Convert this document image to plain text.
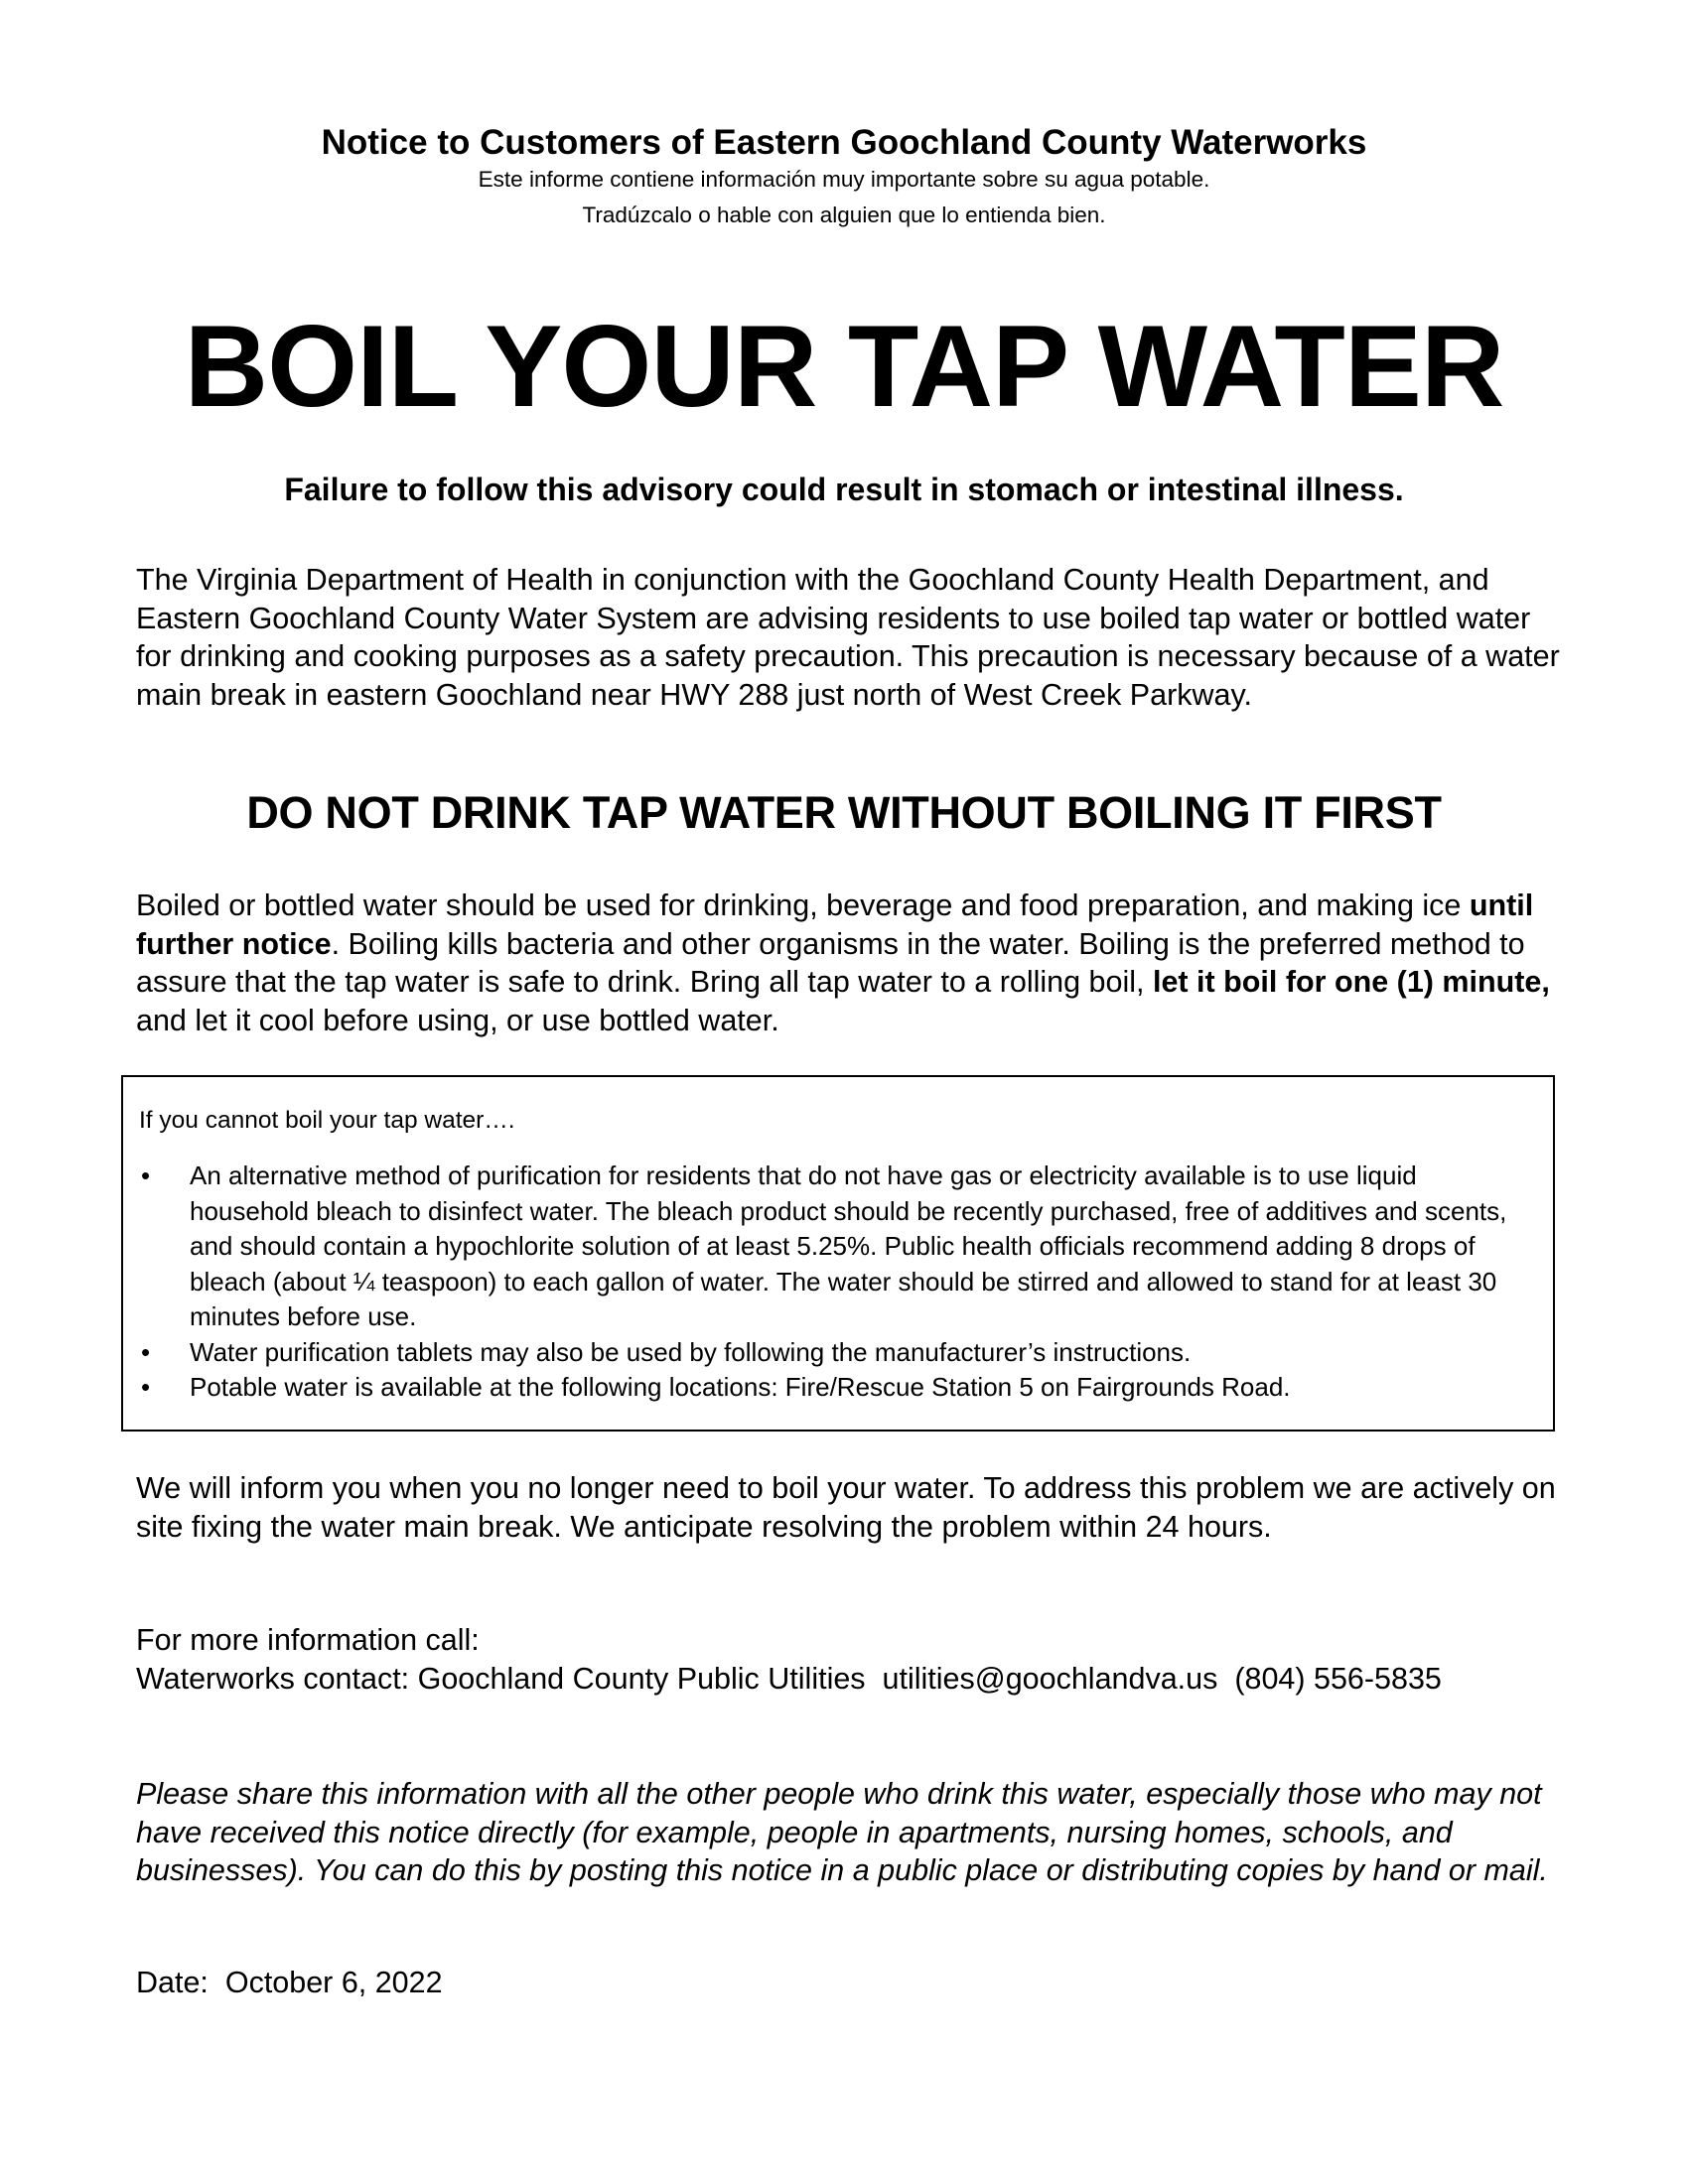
Notice to Customers of Eastern Goochland County Waterworks
Este informe contiene información muy importante sobre su agua potable.
Tradúzcalo o hable con alguien que lo entienda bien.
BOIL YOUR TAP WATER
Failure to follow this advisory could result in stomach or intestinal illness.
The Virginia Department of Health in conjunction with the Goochland County Health Department, and Eastern Goochland County Water System are advising residents to use boiled tap water or bottled water for drinking and cooking purposes as a safety precaution. This precaution is necessary because of a water main break in eastern Goochland near HWY 288 just north of West Creek Parkway.
DO NOT DRINK TAP WATER WITHOUT BOILING IT FIRST
Boiled or bottled water should be used for drinking, beverage and food preparation, and making ice until further notice. Boiling kills bacteria and other organisms in the water. Boiling is the preferred method to assure that the tap water is safe to drink. Bring all tap water to a rolling boil, let it boil for one (1) minute, and let it cool before using, or use bottled water.
If you cannot boil your tap water….
• An alternative method of purification for residents that do not have gas or electricity available is to use liquid household bleach to disinfect water. The bleach product should be recently purchased, free of additives and scents, and should contain a hypochlorite solution of at least 5.25%. Public health officials recommend adding 8 drops of bleach (about ¼ teaspoon) to each gallon of water. The water should be stirred and allowed to stand for at least 30 minutes before use.
• Water purification tablets may also be used by following the manufacturer’s instructions.
• Potable water is available at the following locations: Fire/Rescue Station 5 on Fairgrounds Road.
We will inform you when you no longer need to boil your water. To address this problem we are actively on site fixing the water main break. We anticipate resolving the problem within 24 hours.
For more information call:
Waterworks contact: Goochland County Public Utilities  utilities@goochlandva.us  (804) 556-5835
Please share this information with all the other people who drink this water, especially those who may not have received this notice directly (for example, people in apartments, nursing homes, schools, and businesses). You can do this by posting this notice in a public place or distributing copies by hand or mail.
Date:  October 6, 2022
